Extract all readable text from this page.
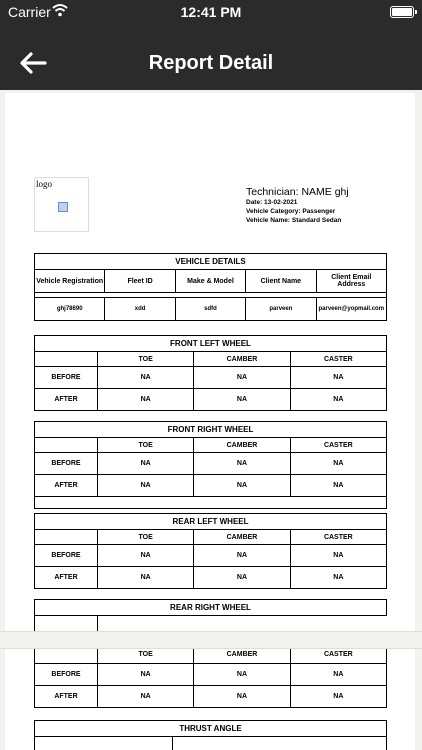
Carrier	12:41 PM
Report Detail
logo
Technician: NAME ghj
Date: 13-02-2021
Vehicle Category: Passenger
Vehicle Name: Standard Sedan
VEHICLE DETAILS				
Vehicle Registration	Fleet ID	Make & Model	Client Name	Client Email Address

ghj78690	xdd	sdfd	parveen	parveen@yopmail.com
FRONT LEFT WHEEL			
	TOE	CAMBER	CASTER
BEFORE	NA	NA	NA
AFTER	NA	NA	NA
FRONT RIGHT WHEEL			
	TOE	CAMBER	CASTER
BEFORE	NA	NA	NA
AFTER	NA	NA	NA

REAR LEFT WHEEL			
	TOE	CAMBER	CASTER
BEFORE	NA	NA	NA
AFTER	NA	NA	NA
REAR RIGHT WHEEL

	TOE	CAMBER	CASTER
BEFORE	NA	NA	NA
AFTER	NA	NA	NA
THRUST ANGLE
